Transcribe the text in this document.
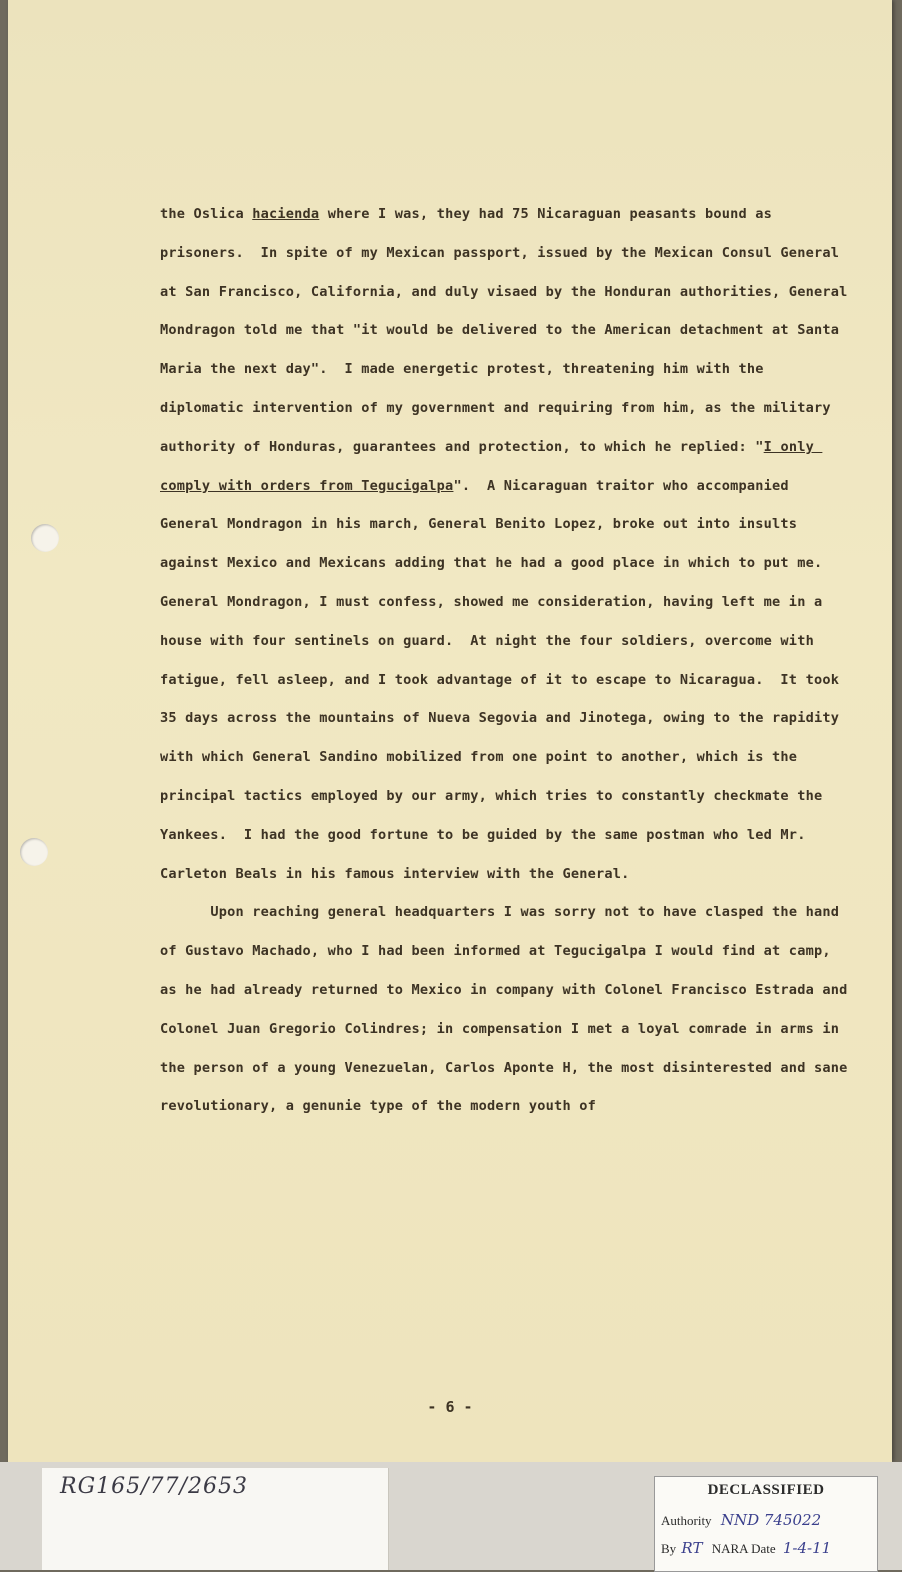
the Oslica hacienda where I was, they had 75 Nicaraguan peasants bound as prisoners.  In spite of my Mexican passport, issued by the Mexican Consul General at San Francisco, California, and duly visaed by the Honduran authorities, General Mondragon told me that "it would be delivered to the American detachment at Santa Maria the next day".  I made energetic protest, threatening him with the diplomatic intervention of my government and requiring from him, as the military authority of Honduras, guarantees and protection, to which he replied: "I only comply with orders from Tegucigalpa".  A Nicaraguan traitor who accompanied General Mondragon in his march, General Benito Lopez, broke out into insults against Mexico and Mexicans adding that he had a good place in which to put me.  General Mondragon, I must confess, showed me consideration, having left me in a house with four sentinels on guard.  At night the four soldiers, overcome with fatigue, fell asleep, and I took advantage of it to escape to Nicaragua.  It took 35 days across the mountains of Nueva Segovia and Jinotega, owing to the rapidity with which General Sandino mobilized from one point to another, which is the principal tactics employed by our army, which tries to constantly checkmate the Yankees.  I had the good fortune to be guided by the same postman who led Mr. Carleton Beals in his famous interview with the General.

Upon reaching general headquarters I was sorry not to have clasped the hand of Gustavo Machado, who I had been informed at Tegucigalpa I would find at camp, as he had already returned to Mexico in company with Colonel Francisco Estrada and Colonel Juan Gregorio Colindres; in compensation I met a loyal comrade in arms in the person of a young Venezuelan, Carlos Aponte H, the most disinterested and sane revolutionary, a genunie type of the modern youth of

- 6 -
RG165/77/2653	DECLASSIFIED
Authority NND 745022
By RT NARA Date 1-4-11
